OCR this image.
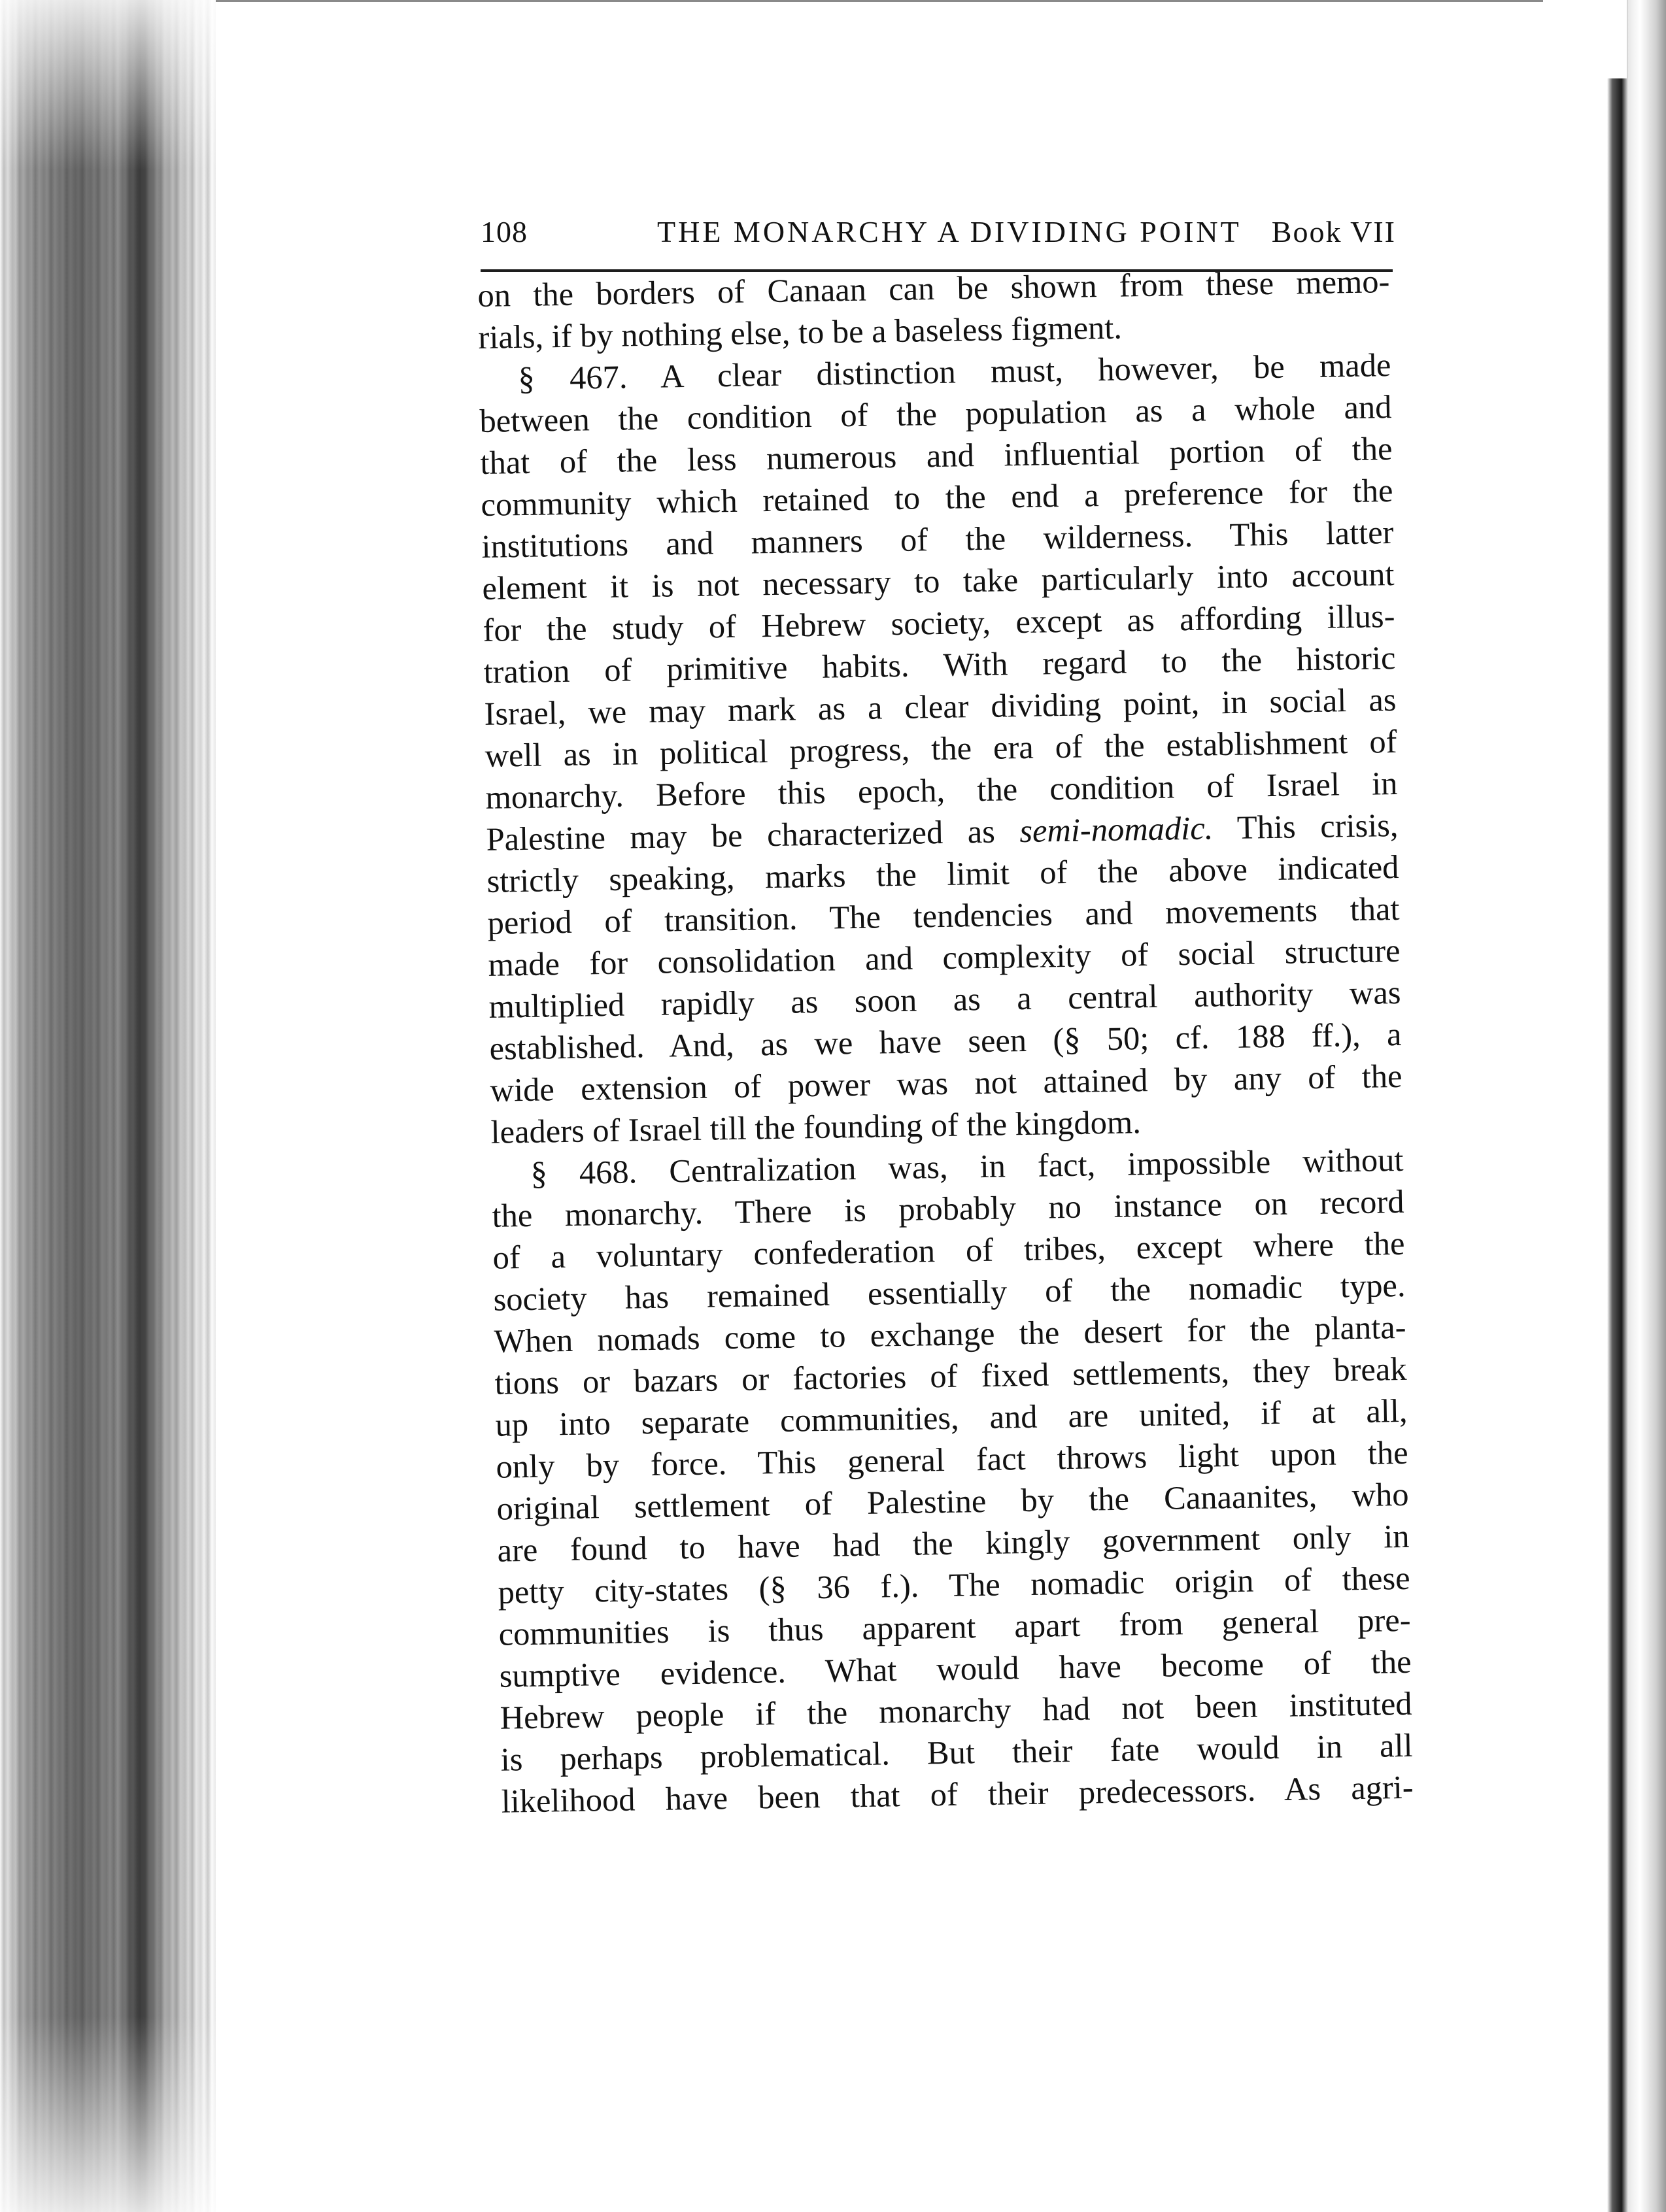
108	THE MONARCHY A DIVIDING POINT Book VII
on the borders of Canaan can be shown from these memo-
rials, if by nothing else, to be a baseless figment.
§ 467. A clear distinction must, however, be made
between the condition of the population as a whole and
that of the less numerous and influential portion of the
community which retained to the end a preference for the
institutions and manners of the wilderness. This latter
element it is not necessary to take particularly into account
for the study of Hebrew society, except as affording illus-
tration of primitive habits. With regard to the historic
Israel, we may mark as a clear dividing point, in social as
well as in political progress, the era of the establishment of
monarchy. Before this epoch, the condition of Israel in
Palestine may be characterized as semi-nomadic. This crisis,
strictly speaking, marks the limit of the above indicated
period of transition. The tendencies and movements that
made for consolidation and complexity of social structure
multiplied rapidly as soon as a central authority was
established. And, as we have seen (§ 50; cf. 188 ff.), a
wide extension of power was not attained by any of the
leaders of Israel till the founding of the kingdom.
§ 468. Centralization was, in fact, impossible without
the monarchy. There is probably no instance on record
of a voluntary confederation of tribes, except where the
society has remained essentially of the nomadic type.
When nomads come to exchange the desert for the planta-
tions or bazars or factories of fixed settlements, they break
up into separate communities, and are united, if at all,
only by force. This general fact throws light upon the
original settlement of Palestine by the Canaanites, who
are found to have had the kingly government only in
petty city-states (§ 36 f.). The nomadic origin of these
communities is thus apparent apart from general pre-
sumptive evidence. What would have become of the
Hebrew people if the monarchy had not been instituted
is perhaps problematical. But their fate would in all
likelihood have been that of their predecessors. As agri-
